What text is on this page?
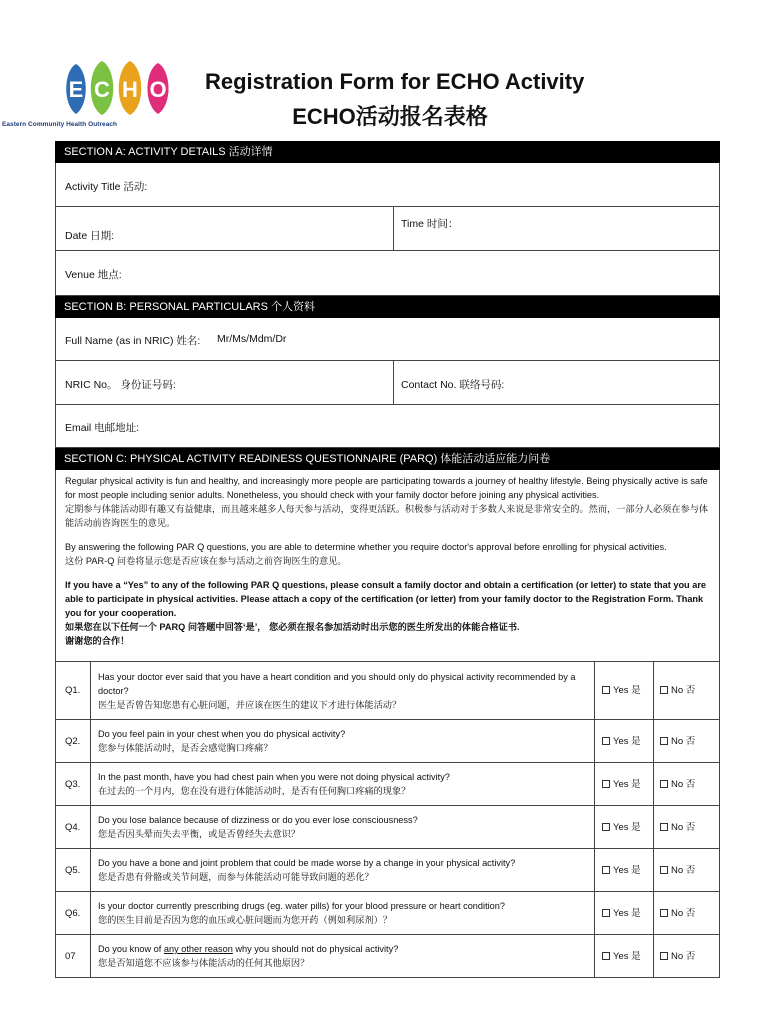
E C H O
Eastern Community Health Outreach
Registration Form for ECHO Activity
ECHO活动报名表格
SECTION A: ACTIVITY DETAILS 活动详情
Activity Title 活动:
Date 日期:
Time 时间：
Venue 地点:
SECTION B: PERSONAL PARTICULARS 个人资料
Full Name (as in NRIC) 姓名: Mr/Ms/Mdm/Dr
NRIC No。 身份证号码:	Contact No. 联络号码:
Email 电邮地址:
SECTION C: PHYSICAL ACTIVITY READINESS QUESTIONNAIRE (PARQ) 体能活动适应能力问卷

Regular physical activity is fun and healthy, and increasingly more people are participating towards a journey of healthy lifestyle. Being physically active is safe for most people including senior adults. Nonetheless, you should check with your family doctor before joining any physical activities.

定期参与体能活动即有趣又有益健康，而且越来越多人每天参与活动，变得更活跃。积极参与活动对于多数人来说是非常安全的。然而，一部分人必须在参与体能活动前咨询医生的意见。

By answering the following PAR Q questions, you are able to determine whether you require doctor's approval before enrolling for physical activities.

这份 PAR-Q 问卷将显示您是否应该在参与活动之前咨询医生的意见。

If you have a “Yes” to any of the following PAR Q questions, please consult a family doctor and obtain a certification (or letter) to state that you are able to participate in physical activities. Please attach a copy of the certification (or letter) from your family doctor to the Registration Form. Thank you for your cooperation.

如果您在以下任何一个 PARQ 问答题中回答‘是’， 您必须在报名参加活动时出示您的医生所发出的体能合格证书.

谢谢您的合作！

Q1.
Has your doctor ever said that you have a heart condition and you should only do physical activity recommended by a doctor?
医生是否曾告知您患有心脏问题，并应该在医生的建议下才进行体能活动？
Yes 是	No 否
Q2.
Do you feel pain in your chest when you do physical activity?
您参与体能活动时，是否会感觉胸口疼痛？
Yes 是	No 否
Q3.
In the past month, have you had chest pain when you were not doing physical activity?
在过去的一个月内，您在没有进行体能活动时，是否有任何胸口疼痛的现象？
Yes 是	No 否
Q4.
Do you lose balance because of dizziness or do you ever lose consciousness?
您是否因头晕而失去平衡，或是否曾经失去意识？
Yes 是	No 否
Q5.
Do you have a bone and joint problem that could be made worse by a change in your physical activity?
您是否患有骨骼或关节问题，而参与体能活动可能导致问题的恶化？
Yes 是	No 否
Q6.
Is your doctor currently prescribing drugs (eg. water pills) for your blood pressure or heart condition?
您的医生目前是否因为您的血压或心脏问题而为您开药（例如利尿剂）？
Yes 是	No 否
07
Do you know of any other reason why you should not do physical activity?
您是否知道您不应该参与体能活动的任何其他原因？
Yes 是	No 否
